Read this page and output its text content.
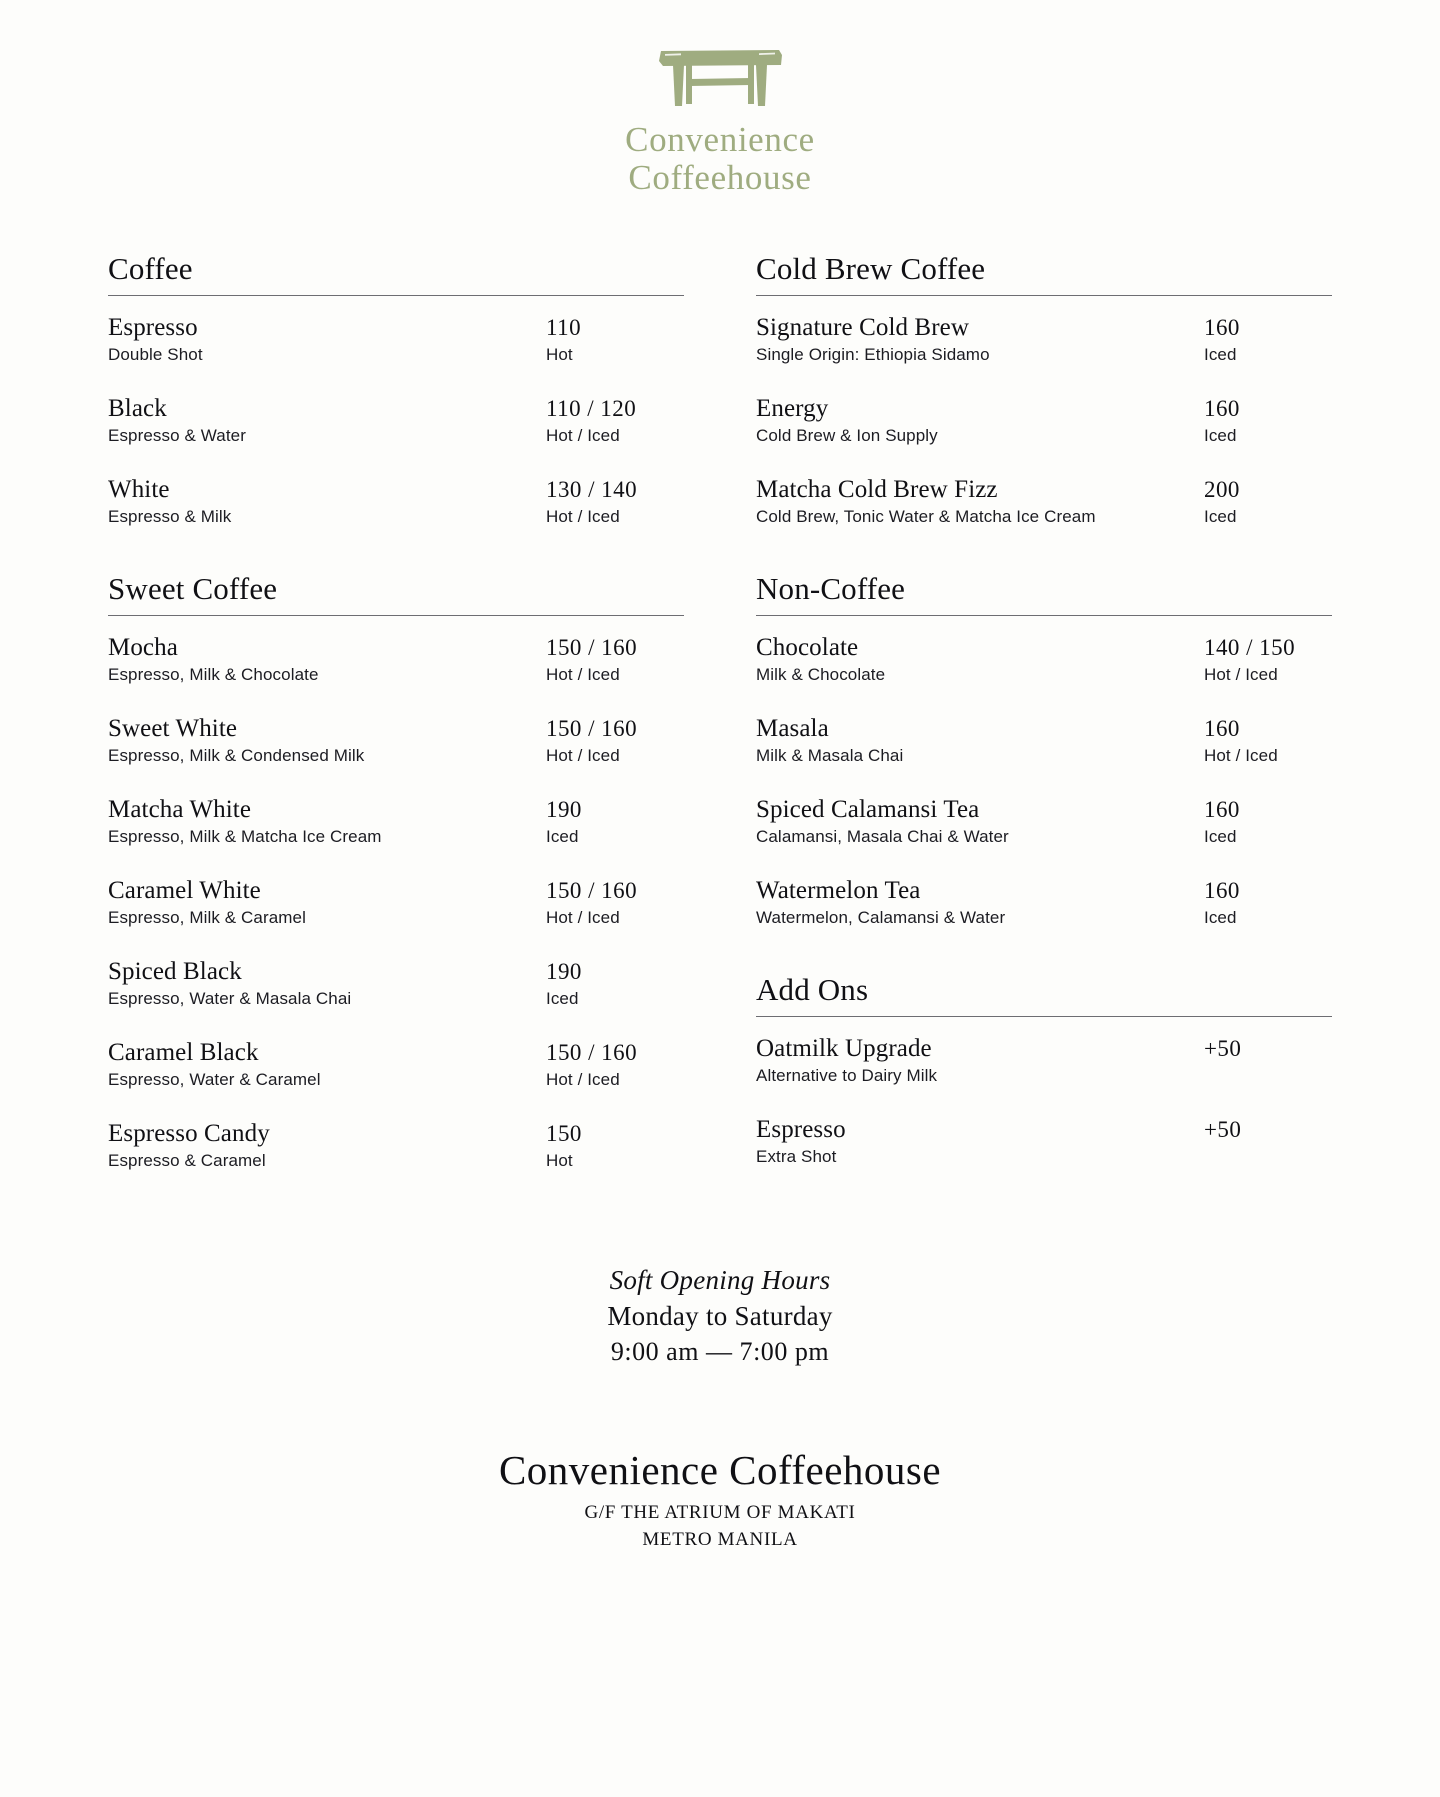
Convenience
Coffeehouse
Coffee
Espresso	110
Double Shot	Hot
Black	110 / 120
Espresso & Water	Hot / Iced
White	130 / 140
Espresso & Milk	Hot / Iced
Sweet Coffee
Mocha	150 / 160
Espresso, Milk & Chocolate	Hot / Iced
Sweet White	150 / 160
Espresso, Milk & Condensed Milk	Hot / Iced
Matcha White	190
Espresso, Milk & Matcha Ice Cream	Iced
Caramel White	150 / 160
Espresso, Milk & Caramel	Hot / Iced
Spiced Black	190
Espresso, Water & Masala Chai	Iced
Caramel Black	150 / 160
Espresso, Water & Caramel	Hot / Iced
Espresso Candy	150
Espresso & Caramel	Hot
Cold Brew Coffee
Signature Cold Brew	160
Single Origin: Ethiopia Sidamo	Iced
Energy	160
Cold Brew & Ion Supply	Iced
Matcha Cold Brew Fizz	200
Cold Brew, Tonic Water & Matcha Ice Cream	Iced
Non-Coffee
Chocolate	140 / 150
Milk & Chocolate	Hot / Iced
Masala	160
Milk & Masala Chai	Hot / Iced
Spiced Calamansi Tea	160
Calamansi, Masala Chai & Water	Iced
Watermelon Tea	160
Watermelon, Calamansi & Water	Iced
Add Ons
Oatmilk Upgrade	+50
Alternative to Dairy Milk
Espresso	+50
Extra Shot
Soft Opening Hours
Monday to Saturday
9:00 am — 7:00 pm
Convenience Coffeehouse
G/F THE ATRIUM OF MAKATI
METRO MANILA
